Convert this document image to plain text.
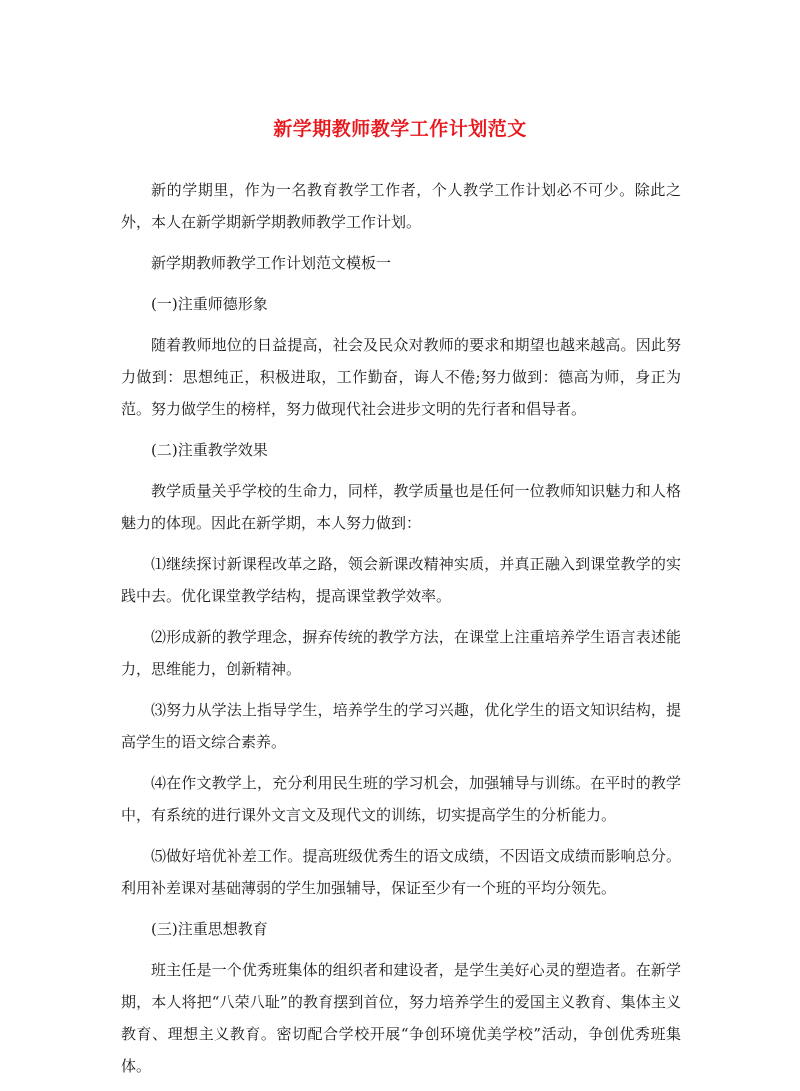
新学期教师教学工作计划范文

新的学期里，作为一名教育教学工作者，个人教学工作计划必不可少。除此之外，本人在新学期新学期教师教学工作计划。

新学期教师教学工作计划范文模板一

(一)注重师德形象

随着教师地位的日益提高，社会及民众对教师的要求和期望也越来越高。因此努力做到：思想纯正，积极进取，工作勤奋，诲人不倦;努力做到：德高为师，身正为范。努力做学生的榜样，努力做现代社会进步文明的先行者和倡导者。

(二)注重教学效果

教学质量关乎学校的生命力，同样，教学质量也是任何一位教师知识魅力和人格魅力的体现。因此在新学期，本人努力做到：

⑴继续探讨新课程改革之路，领会新课改精神实质，并真正融入到课堂教学的实践中去。优化课堂教学结构，提高课堂教学效率。

⑵形成新的教学理念，摒弃传统的教学方法，在课堂上注重培养学生语言表述能力，思维能力，创新精神。

⑶努力从学法上指导学生，培养学生的学习兴趣，优化学生的语文知识结构，提高学生的语文综合素养。

⑷在作文教学上，充分利用民生班的学习机会，加强辅导与训练。在平时的教学中，有系统的进行课外文言文及现代文的训练，切实提高学生的分析能力。

⑸做好培优补差工作。提高班级优秀生的语文成绩，不因语文成绩而影响总分。利用补差课对基础薄弱的学生加强辅导，保证至少有一个班的平均分领先。

(三)注重思想教育

班主任是一个优秀班集体的组织者和建设者，是学生美好心灵的塑造者。在新学期，本人将把“八荣八耻”的教育摆到首位，努力培养学生的爱国主义教育、集体主义教育、理想主义教育。密切配合学校开展“争创环境优美学校”活动，争创优秀班集体。
